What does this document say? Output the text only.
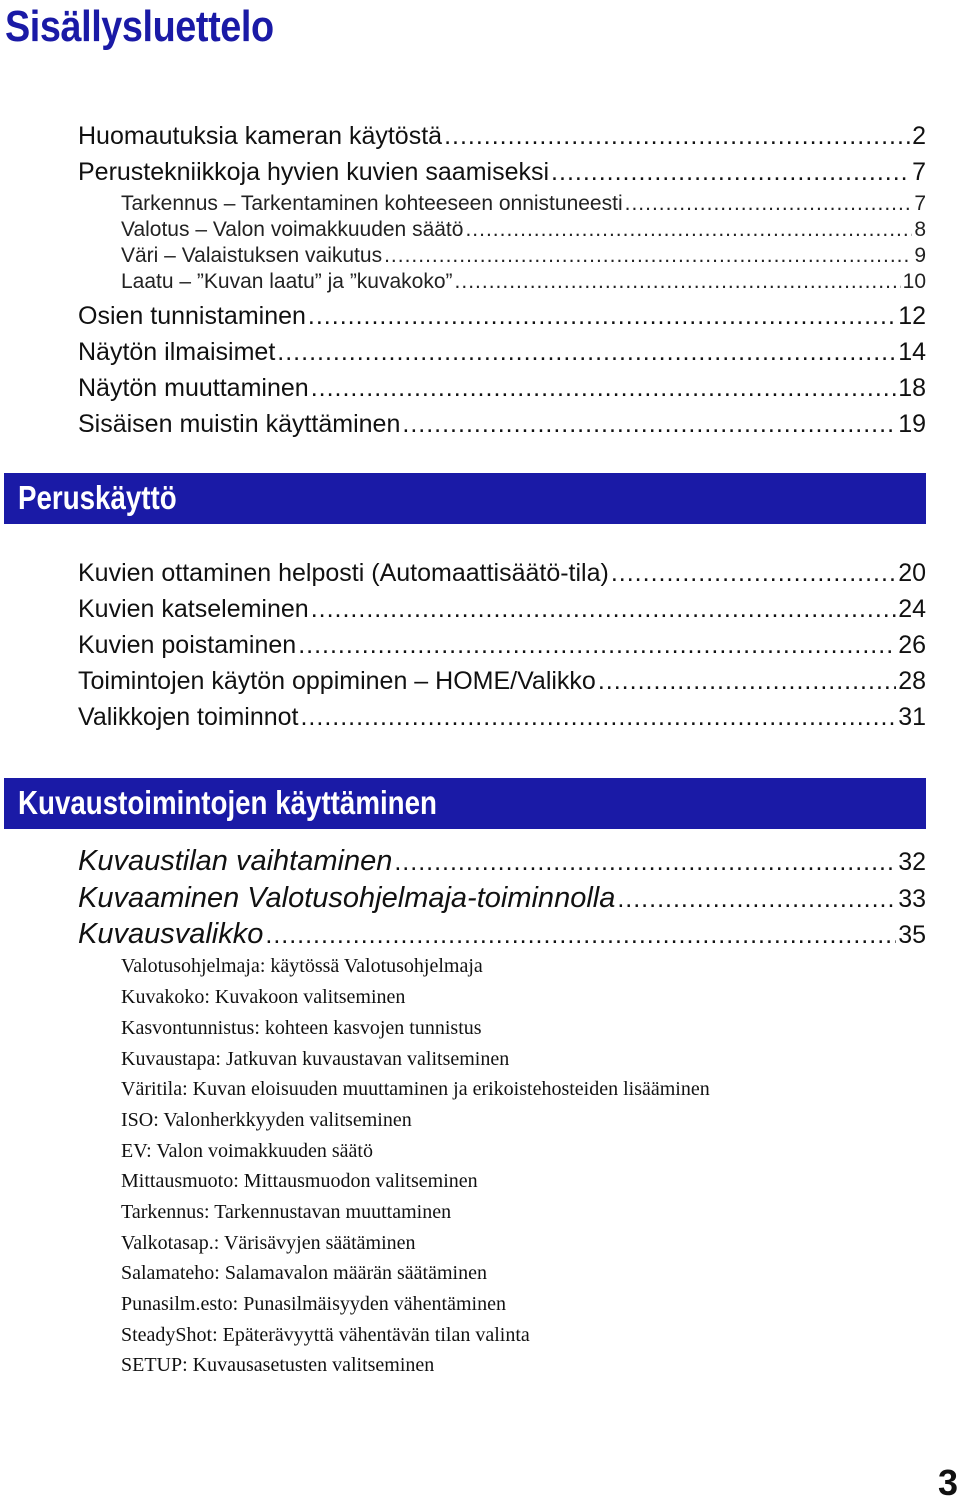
Sisällysluettelo
Huomautuksia kameran käytöstä .....	2
Perustekniikkoja hyvien kuvien saamiseksi .....	7
Tarkennus – Tarkentaminen kohteeseen onnistuneesti .....	7
Valotus – Valon voimakkuuden säätö .....	8
Väri – Valaistuksen vaikutus .....	9
Laatu – ”Kuvan laatu” ja ”kuvakoko” .....	10
Osien tunnistaminen .....	12
Näytön ilmaisimet .....	14
Näytön muuttaminen .....	18
Sisäisen muistin käyttäminen .....	19
Peruskäyttö
Kuvien ottaminen helposti (Automaattisäätö-tila) .....	20
Kuvien katseleminen .....	24
Kuvien poistaminen .....	26
Toimintojen käytön oppiminen – HOME/Valikko .....	28
Valikkojen toiminnot .....	31
Kuvaustoimintojen käyttäminen
Kuvaustilan vaihtaminen .....	32
Kuvaaminen Valotusohjelmaja-toiminnolla .....	33
Kuvausvalikko .....	35
Valotusohjelmaja: käytössä Valotusohjelmaja
Kuvakoko: Kuvakoon valitseminen
Kasvontunnistus: kohteen kasvojen tunnistus
Kuvaustapa: Jatkuvan kuvaustavan valitseminen
Väritila: Kuvan eloisuuden muuttaminen ja erikoistehosteiden lisääminen
ISO: Valonherkkyyden valitseminen
EV: Valon voimakkuuden säätö
Mittausmuoto: Mittausmuodon valitseminen
Tarkennus: Tarkennustavan muuttaminen
Valkotasap.: Värisävyjen säätäminen
Salamateho: Salamavalon määrän säätäminen
Punasilm.esto: Punasilmäisyyden vähentäminen
SteadyShot: Epäterävyyttä vähentävän tilan valinta
SETUP: Kuvausasetusten valitseminen
3
